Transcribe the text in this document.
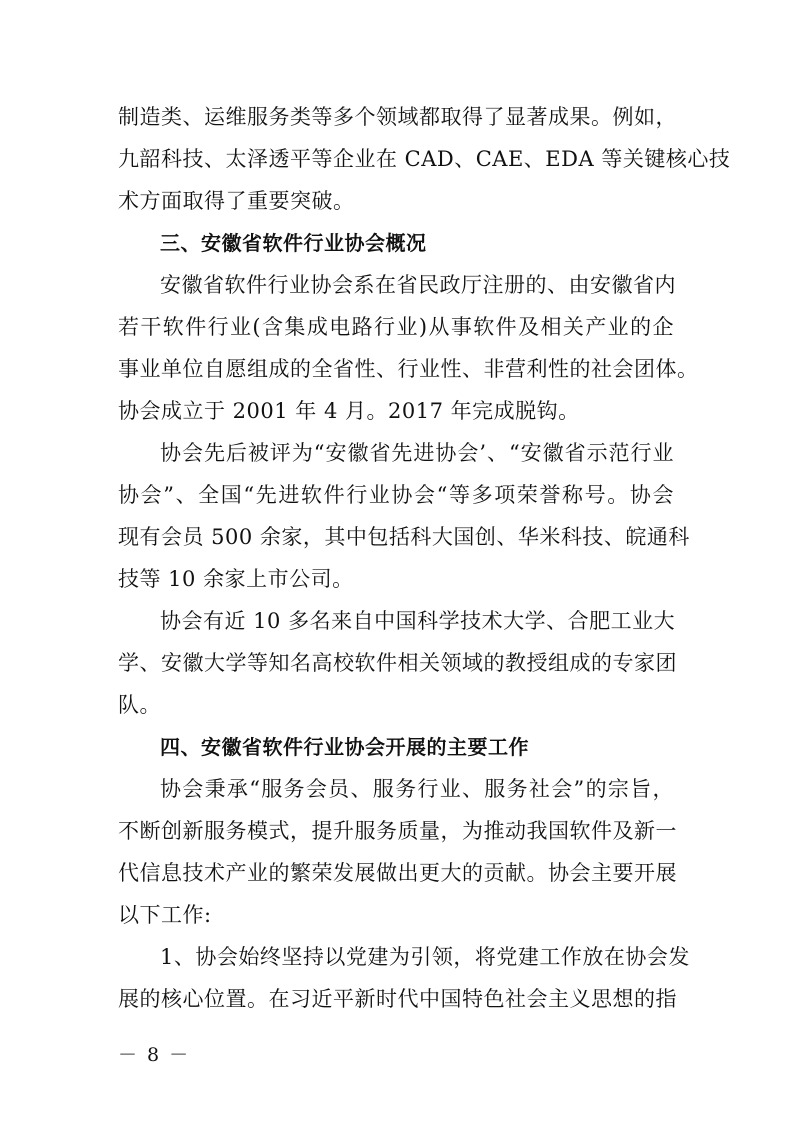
制造类、运维服务类等多个领域都取得了显著成果。例如，
九韶科技、太泽透平等企业在 CAD、CAE、EDA 等关键核心技
术方面取得了重要突破。
三、安徽省软件行业协会概况
安徽省软件行业协会系在省民政厅注册的、由安徽省内
若干软件行业(含集成电路行业)从事软件及相关产业的企
事业单位自愿组成的全省性、行业性、非营利性的社会团体。
协会成立于 2001 年 4 月。2017 年完成脱钩。
协会先后被评为“安徽省先进协会’、“安徽省示范行业
协会”、全国“先进软件行业协会“等多项荣誉称号。协会
现有会员 500 余家，其中包括科大国创、华米科技、皖通科
技等 10 余家上市公司。
协会有近 10 多名来自中国科学技术大学、合肥工业大
学、安徽大学等知名高校软件相关领域的教授组成的专家团
队。
四、安徽省软件行业协会开展的主要工作
协会秉承“服务会员、服务行业、服务社会”的宗旨，
不断创新服务模式，提升服务质量，为推动我国软件及新一
代信息技术产业的繁荣发展做出更大的贡献。协会主要开展
以下工作:
1、协会始终坚持以党建为引领，将党建工作放在协会发
展的核心位置。在习近平新时代中国特色社会主义思想的指
－ 8 －
